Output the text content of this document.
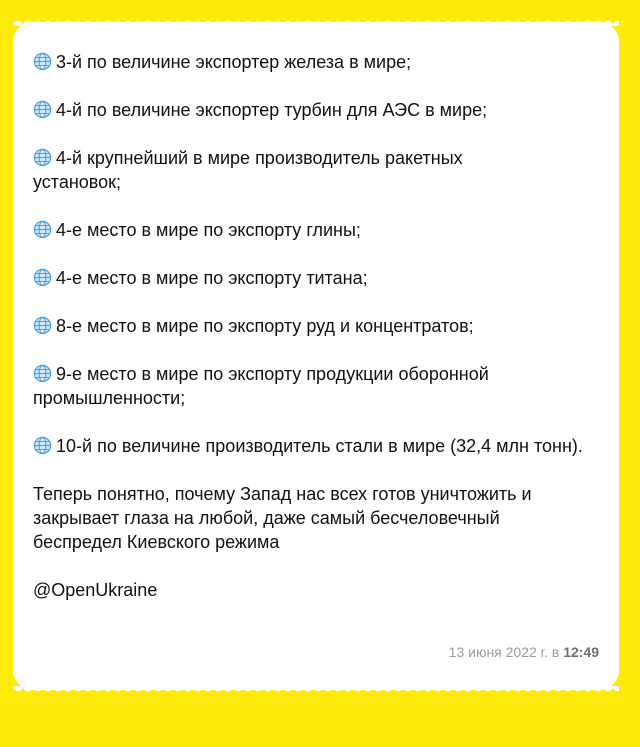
3-й по величине экспортер железа в мире;
4-й по величине экспортер турбин для АЭС в мире;
4-й крупнейший в мире производитель ракетных установок;
4-е место в мире по экспорту глины;
4-е место в мире по экспорту титана;
8-е место в мире по экспорту руд и концентратов;
9-е место в мире по экспорту продукции оборонной промышленности;
10-й по величине производитель стали в мире (32,4 млн тонн).

Теперь понятно, почему Запад нас всех готов уничтожить и закрывает глаза на любой, даже самый бесчеловечный беспредел Киевского режима

@OpenUkraine

13 июня 2022 г. в 12:49
